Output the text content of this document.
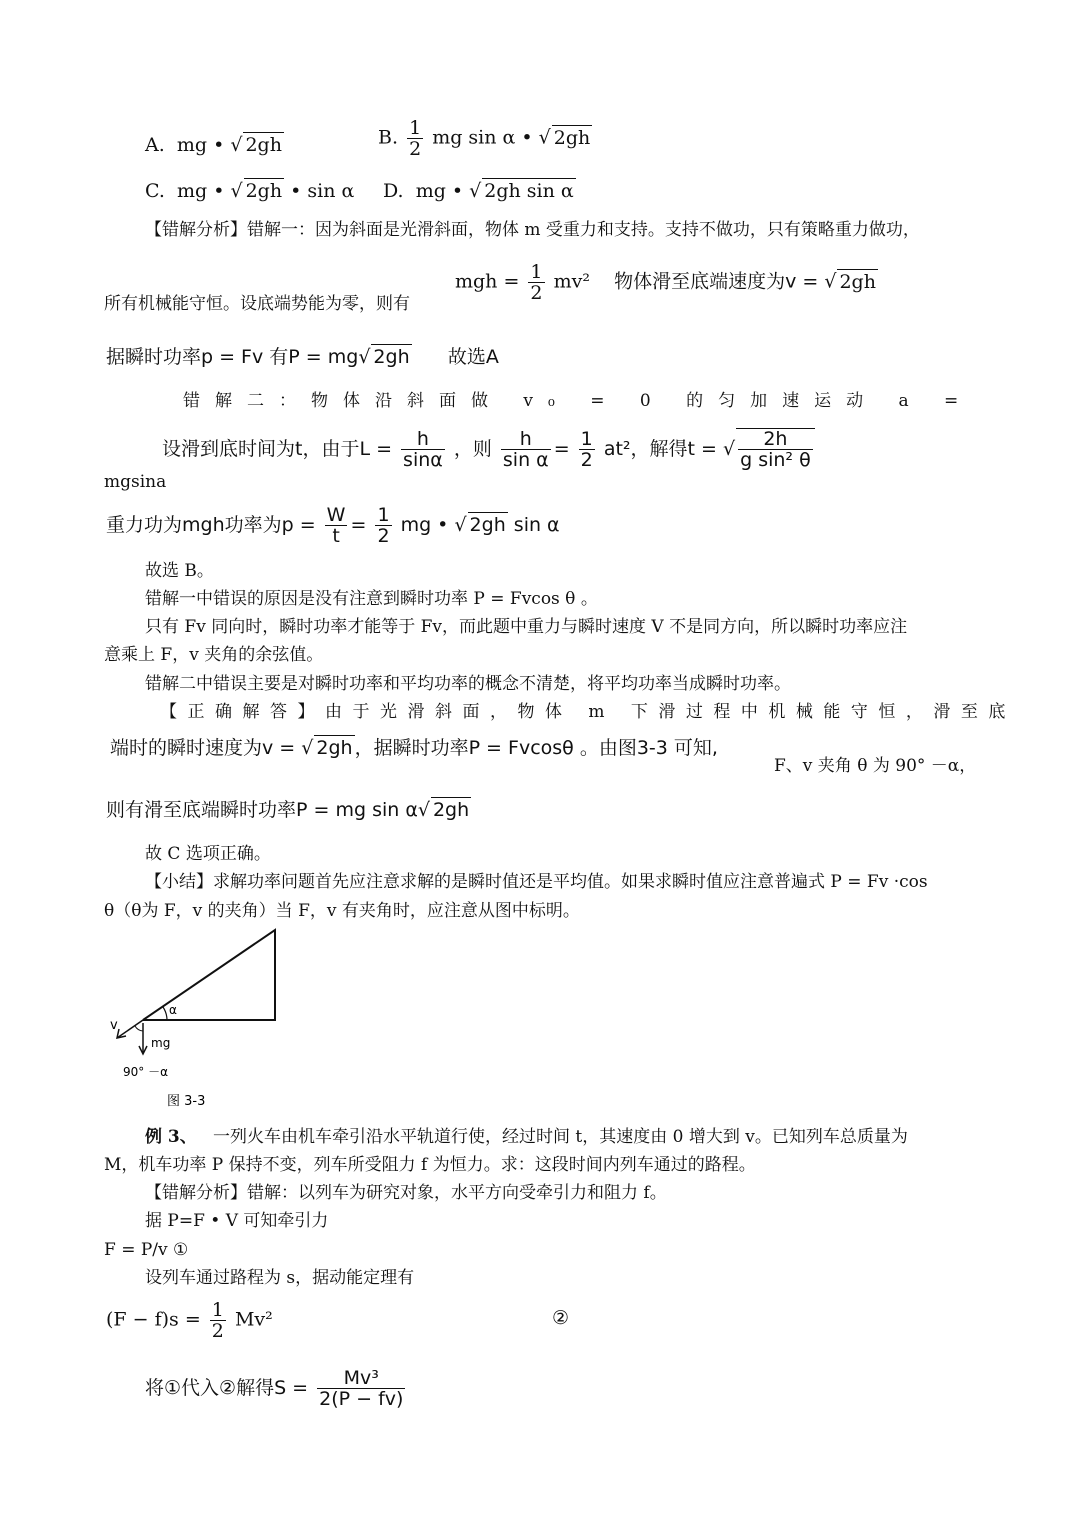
A. mg • √ 2gh	B. $\frac{1}{2}$ mg sin α • √ 2gh
C. mg • √ 2gh • sin α D. mg • √ 2gh sin α
【错解分析】错解一：因为斜面是光滑斜面，物体 m 受重力和支持。支持不做功，只有策略重力做功，
所有机械能守恒。设底端势能为零，则有
mgh = $\frac{1}{2} mv^2$ 物体滑至底端速度为v = √ 2gh
据瞬时功率p = Fv 有P = mg√ 2gh 故选A
错解二：物体沿斜面做 v₀ = 0 的匀加速运动 a =
设滑到底时间为t，由于$L = \frac{h}{\sin\alpha}$ ，则 $\frac{h}{\text{sin α}} = \frac{1}{2} at^2$，解得t = √ $\frac{2h}{\text{g sin² θ}}$
mgsina
重力功为mgh功率为$p = \frac{W}{t} = \frac{1}{2}$ mg • √ 2gh sin α
故选 B。
错解一中错误的原因是没有注意到瞬时功率 P = Fvcos θ 。
只有 Fv 同向时，瞬时功率才能等于 Fv，而此题中重力与瞬时速度 V 不是同方向，所以瞬时功率应注
意乘上 F，v 夹角的余弦值。
错解二中错误主要是对瞬时功率和平均功率的概念不清楚，将平均功率当成瞬时功率。
【正确解答】由于光滑斜面，物体 m 下滑过程中机械能守恒，滑至底
端时的瞬时速度为v = √ 2gh ，据瞬时功率P = Fvcosθ 。由图3-3 可知,
F、v 夹角 θ 为 90° －α，
则有滑至底端瞬时功率P = mg sin α√ 2gh
故 C 选项正确。
【小结】求解功率问题首先应注意求解的是瞬时值还是平均值。如果求瞬时值应注意普遍式 P = Fv ·cos
θ（θ为 F，v 的夹角）当 F，v 有夹角时，应注意从图中标明。
v
α
mg
90° －α
图 3-3
例 3、 一列火车由机车牵引沿水平轨道行使，经过时间 t，其速度由 0 增大到 v。已知列车总质量为
M，机车功率 P 保持不变，列车所受阻力 f 为恒力。求：这段时间内列车通过的路程。
【错解分析】错解：以列车为研究对象，水平方向受牵引力和阻力 f。
据 P=F • V 可知牵引力
F = P/v ①
设列车通过路程为 s，据动能定理有
$(F - f)s = \frac{1}{2} Mv^2$	②
将①代入②解得$S = \frac{\text{Mv³}}{2(P - fv)}$
